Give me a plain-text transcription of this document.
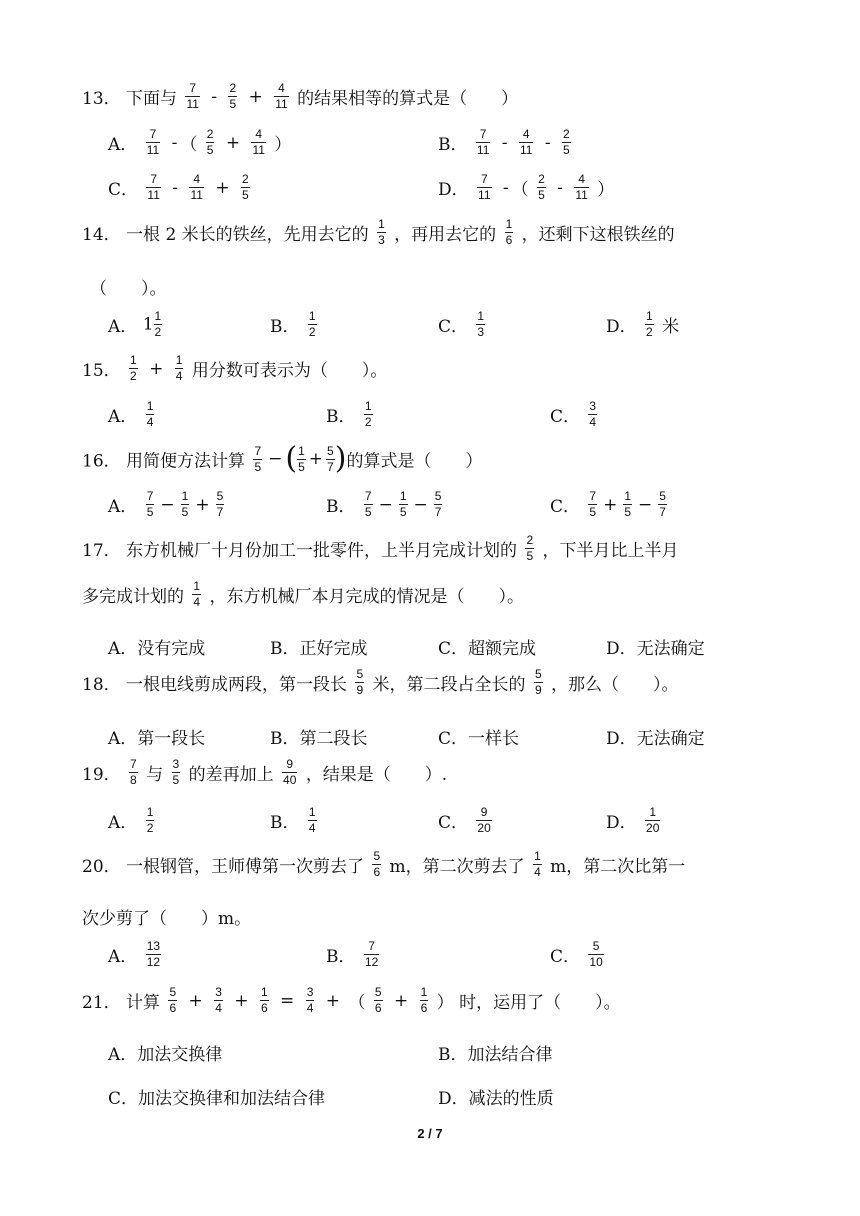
13． 下面与 $\frac{7}{11} - \frac{2}{5} + \frac{4}{11}$ 的结果相等的算式是（　　）
A． $\frac{7}{11}$ - （ $\frac{2}{5} + \frac{4}{11}$ ）	B． $\frac{7}{11} - \frac{4}{11} - \frac{2}{5}$
C． $\frac{7}{11} - \frac{4}{11} + \frac{2}{5}$	D． $\frac{7}{11}$ - （ $\frac{2}{5} - \frac{4}{11}$ ）
14． 一根 2 米长的铁丝，先用去它的 $\frac{1}{3}$ ，再用去它的 $\frac{1}{6}$ ，还剩下这根铁丝的
（　　）。
A． $1 \frac{1}{2}$	B． $\frac{1}{2}$	C． $\frac{1}{3}$	D． $\frac{1}{2}$ 米
15． $\frac{1}{2} + \frac{1}{4}$ 用分数可表示为（　　）。
A． $\frac{1}{4}$	B． $\frac{1}{2}$	C． $\frac{3}{4}$
16． 用简便方法计算 $\frac{7}{5}$ − ( $\frac{1}{5} + \frac{5}{7}$ )的算式是（　　）
A． $\frac{7}{5} - \frac{1}{5} + \frac{5}{7}$	B． $\frac{7}{5} - \frac{1}{5} - \frac{5}{7}$	C． $\frac{7}{5} + \frac{1}{5} - \frac{5}{7}$
17． 东方机械厂十月份加工一批零件，上半月完成计划的 $\frac{2}{5}$ ，下半月比上半月
多完成计划的 $\frac{1}{4}$ ，东方机械厂本月完成的情况是（　　）。
A．没有完成	B．正好完成	C．超额完成	D．无法确定
18． 一根电线剪成两段，第一段长 $\frac{5}{9}$ 米，第二段占全长的 $\frac{5}{9}$ ，那么（　　）。
A．第一段长	B．第二段长	C．一样长	D．无法确定
19． $\frac{7}{8}$ 与 $\frac{3}{5}$ 的差再加上 $\frac{9}{40}$ ，结果是（　　）.
A． $\frac{1}{2}$	B． $\frac{1}{4}$	C． $\frac{9}{20}$	D． $\frac{1}{20}$
20． 一根钢管，王师傅第一次剪去了 $\frac{5}{6}$ m，第二次剪去了 $\frac{1}{4}$ m，第二次比第一
次少剪了（　　）m。
A． $\frac{13}{12}$	B． $\frac{7}{12}$	C． $\frac{5}{10}$
21． 计算 $\frac{5}{6} + \frac{3}{4} + \frac{1}{6} = \frac{3}{4}$ + （ $\frac{5}{6} + \frac{1}{6}$ ） 时，运用了（　　）。
A．加法交换律	B．加法结合律
C．加法交换律和加法结合律	D．减法的性质
2 / 7
